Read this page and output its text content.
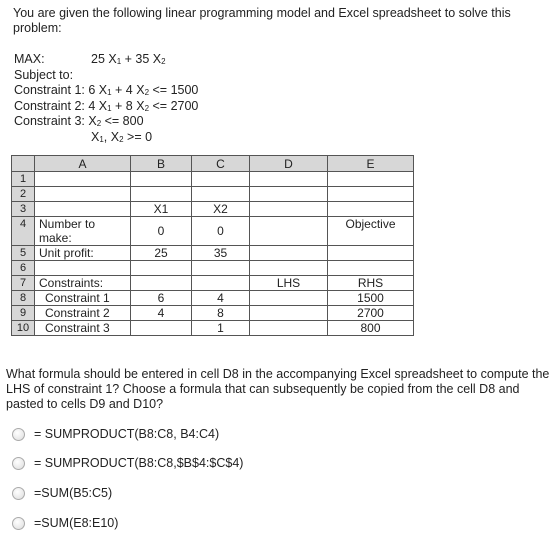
You are given the following linear programming model and Excel spreadsheet to solve this problem:
MAX:	25 $X_1 + 35$ $X_2$
Subject to:
Constraint 1: 6 $X_1 + 4$ $X_2 <= 1500$
Constraint 2: 4 $X_1 + 8$ $X_2 <= 2700$
Constraint 3: $X_2 <= 800$
$X_1$, $X_2 >= 0$
	A	B	C	D	E
1					
2					
3		X1	X2		
4	Number to make:	0	0		Objective
5	Unit profit:	25	35		
6					
7	Constraints:			LHS	RHS
8	Constraint 1	6	4		1500
9	Constraint 2	4	8		2700
10	Constraint 3		1		800
What formula should be entered in cell D8 in the accompanying Excel spreadsheet to compute the LHS of constraint 1? Choose a formula that can subsequently be copied from the cell D8 and pasted to cells D9 and D10?
= SUMPRODUCT(B8:C8, B4:C4)
= SUMPRODUCT(B8:C8,$B$4:$C$4)
=SUM(B5:C5)
=SUM(E8:E10)
